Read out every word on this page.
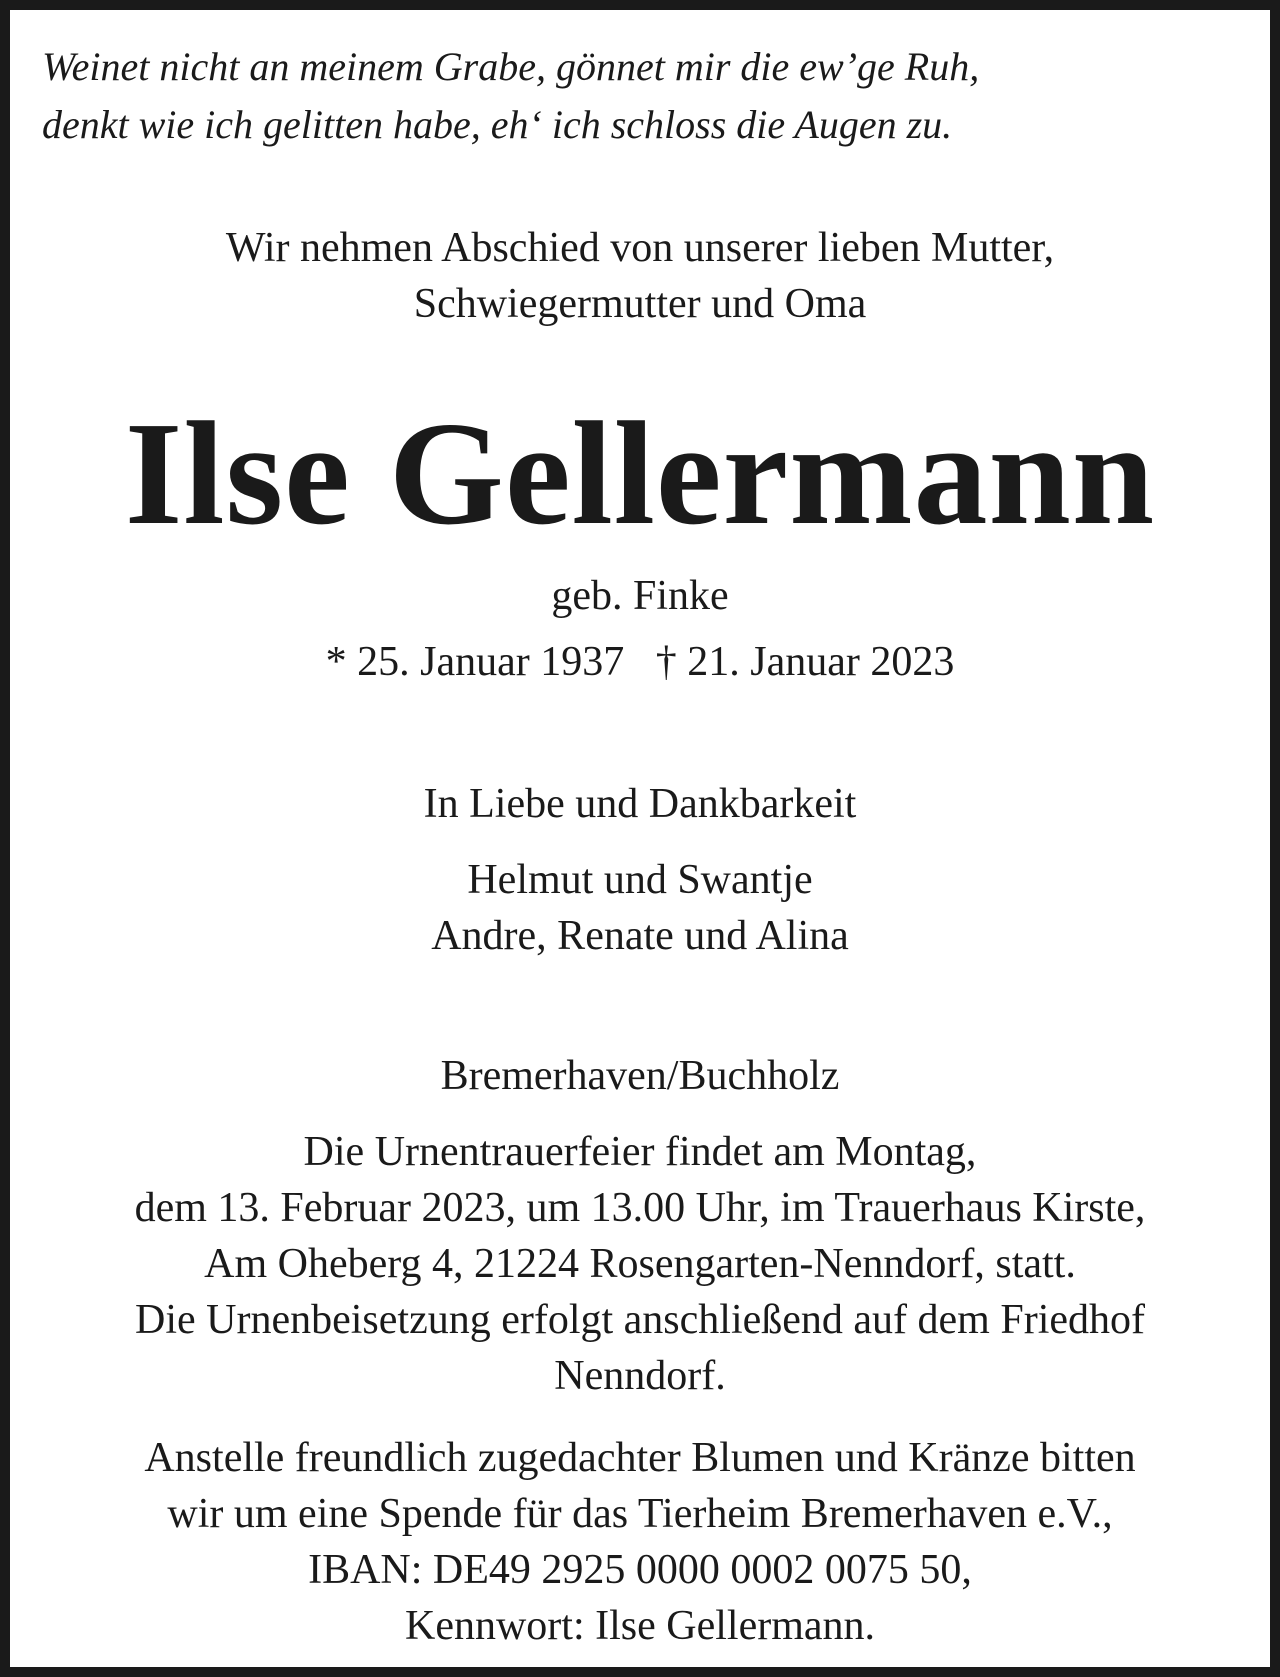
Weinet nicht an meinem Grabe, gönnet mir die ew’ge Ruh,
denkt wie ich gelitten habe, eh‘ ich schloss die Augen zu.

Wir nehmen Abschied von unserer lieben Mutter,
Schwiegermutter und Oma

Ilse Gellermann

geb. Finke

* 25. Januar 1937 † 21. Januar 2023

In Liebe und Dankbarkeit

Helmut und Swantje
Andre, Renate und Alina

Bremerhaven/Buchholz

Die Urnentrauerfeier findet am Montag,
dem 13. Februar 2023, um 13.00 Uhr, im Trauerhaus Kirste,
Am Oheberg 4, 21224 Rosengarten-Nenndorf, statt.
Die Urnenbeisetzung erfolgt anschließend auf dem Friedhof
Nenndorf.

Anstelle freundlich zugedachter Blumen und Kränze bitten
wir um eine Spende für das Tierheim Bremerhaven e.V.,
IBAN: DE49 2925 0000 0002 0075 50,
Kennwort: Ilse Gellermann.
